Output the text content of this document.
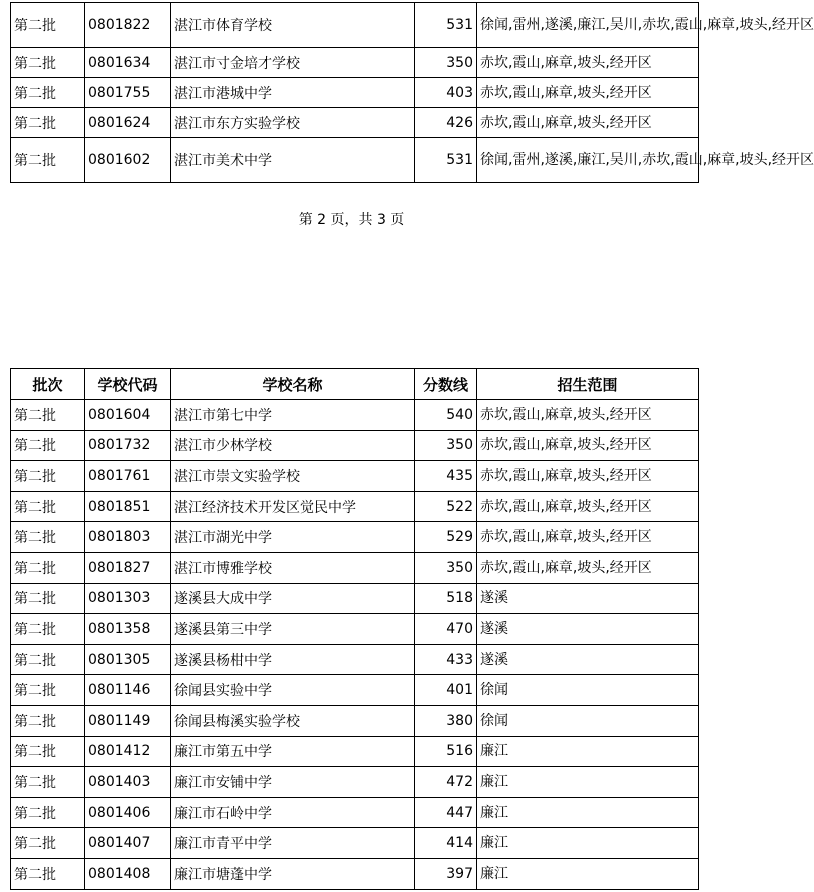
第二批	0801822	湛江市体育学校	531	徐闻,雷州,遂溪,廉江,吴川,赤坎,霞山,麻章,坡头,经开区
第二批	0801634	湛江市寸金培才学校	350	赤坎,霞山,麻章,坡头,经开区
第二批	0801755	湛江市港城中学	403	赤坎,霞山,麻章,坡头,经开区
第二批	0801624	湛江市东方实验学校	426	赤坎,霞山,麻章,坡头,经开区
第二批	0801602	湛江市美术中学	531	徐闻,雷州,遂溪,廉江,吴川,赤坎,霞山,麻章,坡头,经开区
第 2 页，共 3 页
批次	学校代码	学校名称	分数线	招生范围
第二批	0801604	湛江市第七中学	540	赤坎,霞山,麻章,坡头,经开区
第二批	0801732	湛江市少林学校	350	赤坎,霞山,麻章,坡头,经开区
第二批	0801761	湛江市崇文实验学校	435	赤坎,霞山,麻章,坡头,经开区
第二批	0801851	湛江经济技术开发区觉民中学	522	赤坎,霞山,麻章,坡头,经开区
第二批	0801803	湛江市湖光中学	529	赤坎,霞山,麻章,坡头,经开区
第二批	0801827	湛江市博雅学校	350	赤坎,霞山,麻章,坡头,经开区
第二批	0801303	遂溪县大成中学	518	遂溪
第二批	0801358	遂溪县第三中学	470	遂溪
第二批	0801305	遂溪县杨柑中学	433	遂溪
第二批	0801146	徐闻县实验中学	401	徐闻
第二批	0801149	徐闻县梅溪实验学校	380	徐闻
第二批	0801412	廉江市第五中学	516	廉江
第二批	0801403	廉江市安铺中学	472	廉江
第二批	0801406	廉江市石岭中学	447	廉江
第二批	0801407	廉江市青平中学	414	廉江
第二批	0801408	廉江市塘蓬中学	397	廉江
